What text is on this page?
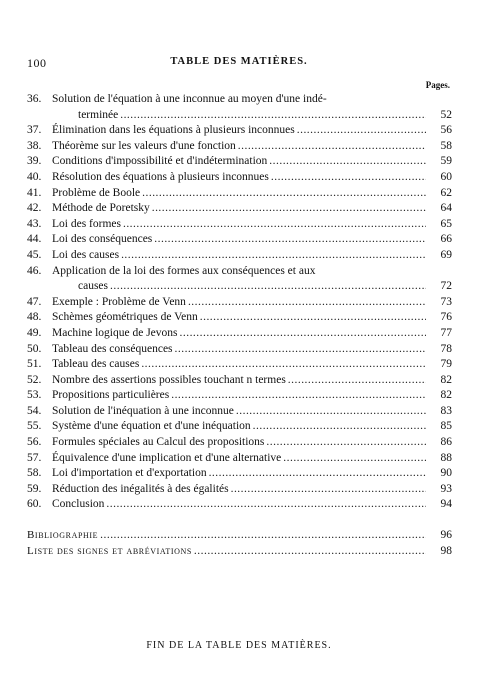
100	TABLE DES MATIÈRES.
Pages.
36. Solution de l'équation à une inconnue au moyen d'une indé-
terminée . . .	52
37. Élimination dans les équations à plusieurs inconnues . . .	56
38. Théorème sur les valeurs d'une fonction . . .	58
39. Conditions d'impossibilité et d'indétermination . . .	59
40. Résolution des équations à plusieurs inconnues . . .	60
41. Problème de Boole . . .	62
42. Méthode de Poretsky . . .	64
43. Loi des formes . . .	65
44. Loi des conséquences . . .	66
45. Loi des causes . . .	69
46. Application de la loi des formes aux conséquences et aux
causes . . .	72
47. Exemple : Problème de Venn . . .	73
48. Schèmes géométriques de Venn . . .	76
49. Machine logique de Jevons . . .	77
50. Tableau des conséquences . . .	78
51. Tableau des causes . . .	79
52. Nombre des assertions possibles touchant n termes . . .	82
53. Propositions particulières . . .	82
54. Solution de l'inéquation à une inconnue . . .	83
55. Système d'une équation et d'une inéquation . . .	85
56. Formules spéciales au Calcul des propositions . . .	86
57. Équivalence d'une implication et d'une alternative . . .	88
58. Loi d'importation et d'exportation . . .	90
59. Réduction des inégalités à des égalités . . .	93
60. Conclusion . . .	94
Bibliographie . . .	96
Liste des signes et abréviations . . .	98
FIN DE LA TABLE DES MATIÈRES.
